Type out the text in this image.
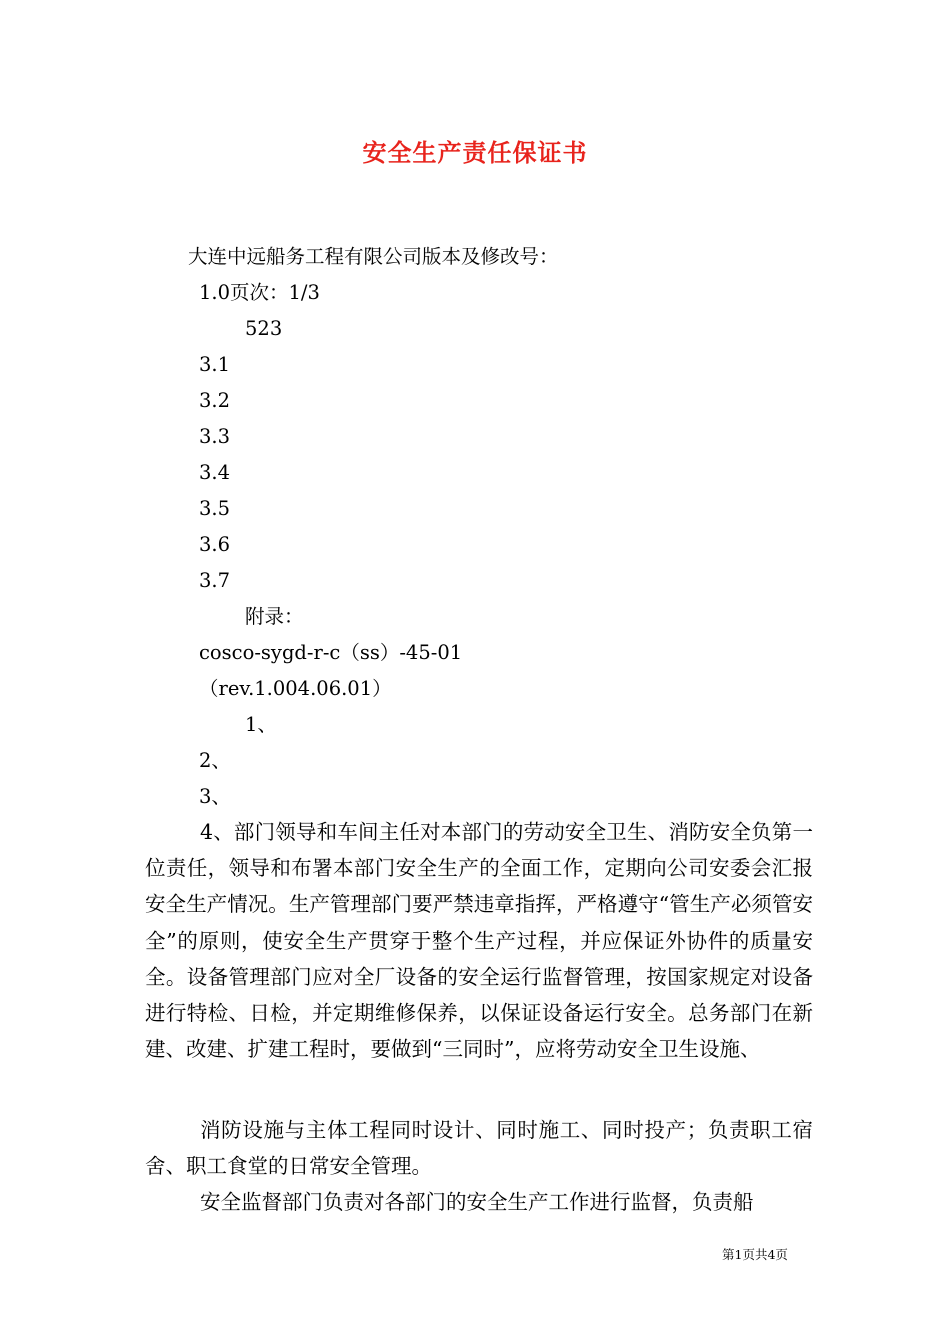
安全生产责任保证书
大连中远船务工程有限公司版本及修改号：
1.0页次：1/3
523
3.1
3.2
3.3
3.4
3.5
3.6
3.7
附录：
cosco-sygd-r-c（ss）-45-01
（rev.1.004.06.01）
1、
2、
3、

4、部门领导和车间主任对本部门的劳动安全卫生、消防安全负第一位责任，领导和布署本部门安全生产的全面工作，定期向公司安委会汇报安全生产情况。生产管理部门要严禁违章指挥，严格遵守“管生产必须管安全”的原则，使安全生产贯穿于整个生产过程，并应保证外协件的质量安全。设备管理部门应对全厂设备的安全运行监督管理，按国家规定对设备进行特检、日检，并定期维修保养，以保证设备运行安全。总务部门在新建、改建、扩建工程时，要做到“三同时”，应将劳动安全卫生设施、

消防设施与主体工程同时设计、同时施工、同时投产；负责职工宿舍、职工食堂的日常安全管理。

安全监督部门负责对各部门的安全生产工作进行监督，负责船

第1页共4页
